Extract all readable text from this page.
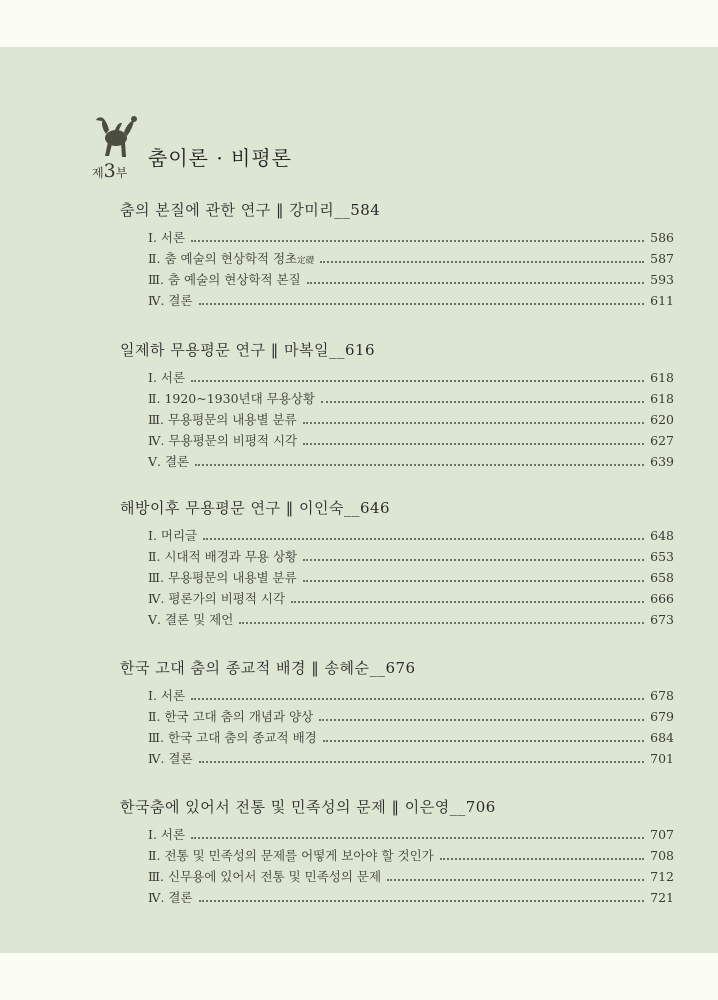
제3부
춤이론 · 비평론
춤의 본질에 관한 연구 ‖ 강미리__584
Ⅰ. 서론	586
Ⅱ. 춤 예술의 현상학적 정초定礎	587
Ⅲ. 춤 예술의 현상학적 본질	593
Ⅳ. 결론	611
일제하 무용평문 연구 ‖ 마복일__616
Ⅰ. 서론	618
Ⅱ. 1920~1930년대 무용상황	618
Ⅲ. 무용평문의 내용별 분류	620
Ⅳ. 무용평문의 비평적 시각	627
Ⅴ. 결론	639
해방이후 무용평문 연구 ‖ 이인숙__646
Ⅰ. 머리글	648
Ⅱ. 시대적 배경과 무용 상황	653
Ⅲ. 무용평문의 내용별 분류	658
Ⅳ. 평론가의 비평적 시각	666
Ⅴ. 결론 및 제언	673
한국 고대 춤의 종교적 배경 ‖ 송혜순__676
Ⅰ. 서론	678
Ⅱ. 한국 고대 춤의 개념과 양상	679
Ⅲ. 한국 고대 춤의 종교적 배경	684
Ⅳ. 결론	701
한국춤에 있어서 전통 및 민족성의 문제 ‖ 이은영__706
Ⅰ. 서론	707
Ⅱ. 전통 및 민족성의 문제를 어떻게 보아야 할 것인가	708
Ⅲ. 신무용에 있어서 전통 및 민족성의 문제	712
Ⅳ. 결론	721
